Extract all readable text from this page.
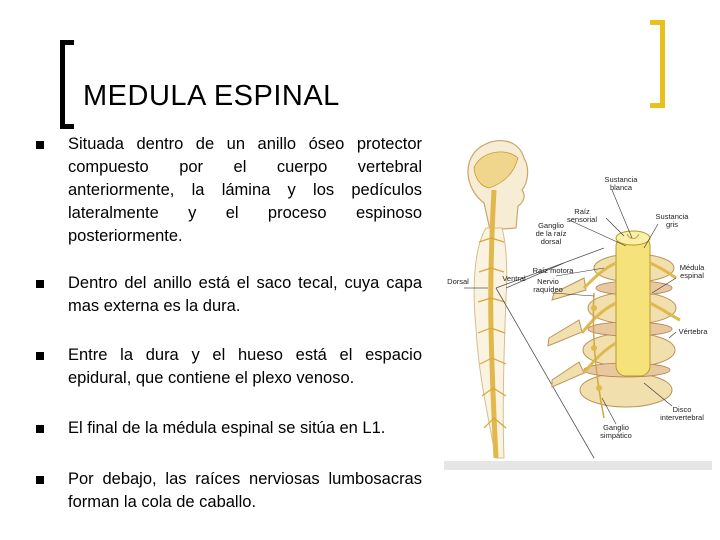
MEDULA ESPINAL
Situada dentro de un anillo óseo protector compuesto por el cuerpo vertebral anteriormente, la lámina y los pedículos lateralmente y el proceso espinoso posteriormente.
Dentro del anillo está el saco tecal, cuya capa mas externa es la dura.
Entre la dura y el hueso está el espacio epidural, que contiene el plexo venoso.
El final de la médula espinal se sitúa en L1.
Por debajo, las raíces nerviosas lumbosacras forman la cola de caballo.
Dorsal	Ventral
Ganglio
de la raíz
dorsal
Raíz
sensorial
Sustancia
blanca
Sustancia
gris
Raíz motora
Nervio
raquídeo
Médula
espinal
Vértebra
Disco
intervertebral
Ganglio
simpático
